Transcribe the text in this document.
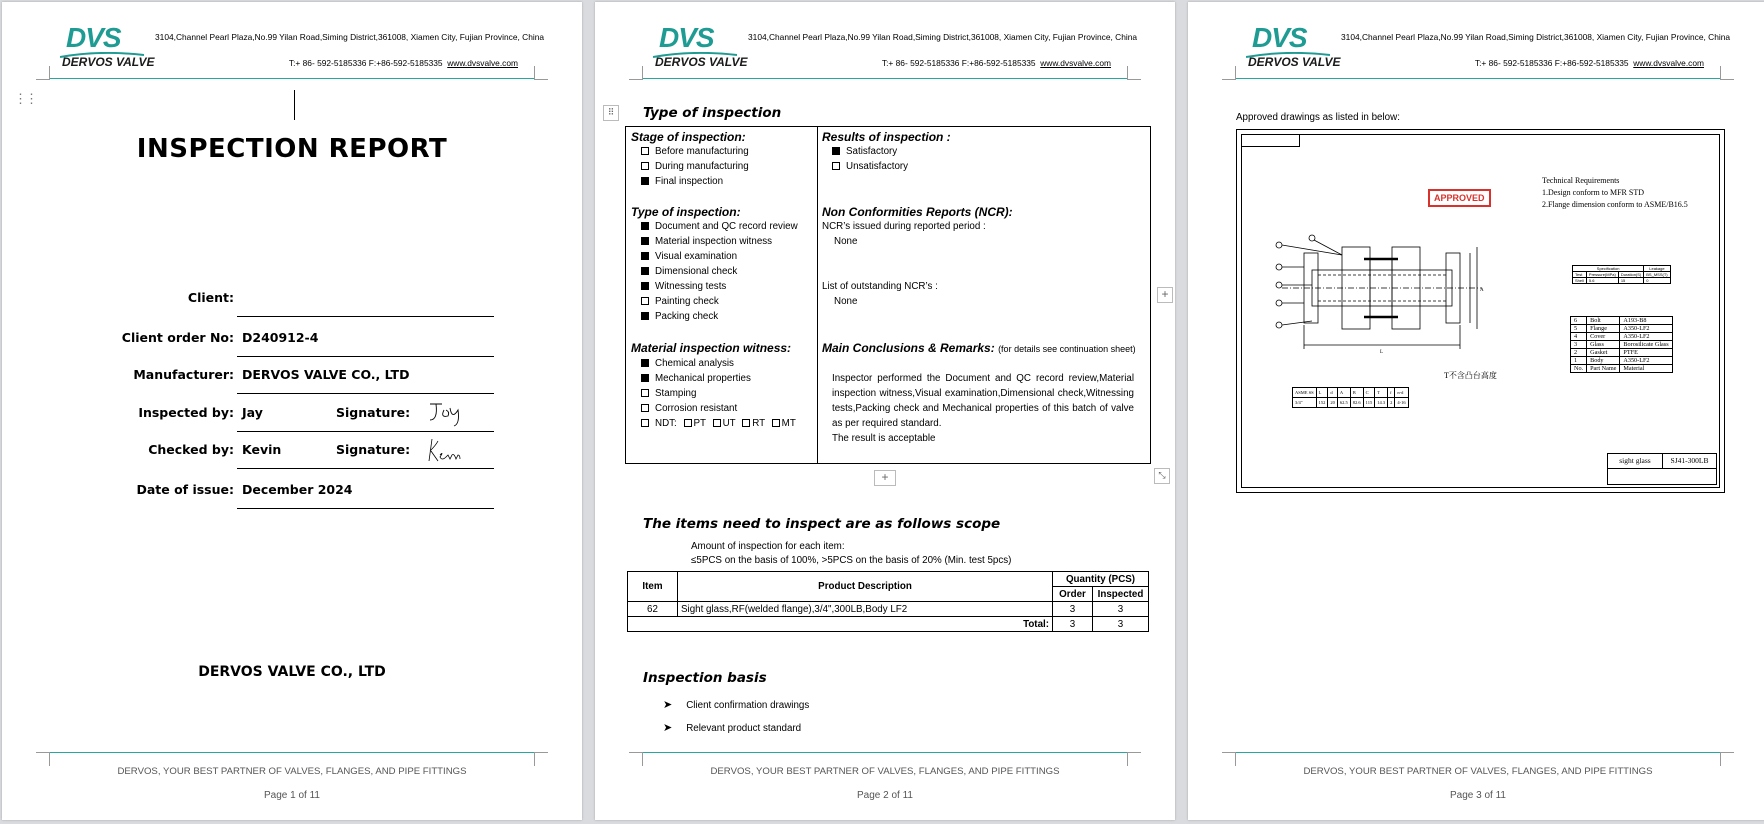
DVS
DERVOS VALVE
3104,Channel Pearl Plaza,No.99 Yilan Road,Siming District,361008, Xiamen City, Fujian Province, China
T:+ 86- 592-5185336 F:+86-592-5185335 www.dvsvalve.com
⋮⋮
INSPECTION REPORT
Client:
Client order No: D240912-4
Manufacturer: DERVOS VALVE CO., LTD
Inspected by: Jay	Signature:
Checked by: Kevin	Signature:
Date of issue: December 2024
DERVOS VALVE CO., LTD
DERVOS, YOUR BEST PARTNER OF VALVES, FLANGES, AND PIPE FITTINGS
Page 1 of 11
DVS
DERVOS VALVE
3104,Channel Pearl Plaza,No.99 Yilan Road,Siming District,361008, Xiamen City, Fujian Province, China
T:+ 86- 592-5185336 F:+86-592-5185335 www.dvsvalve.com
⠿	Type of inspection
Stage of inspection:
Before manufacturing
During manufacturing
Final inspection
Type of inspection:
Document and QC record review
Material inspection witness
Visual examination
Dimensional check
Witnessing tests
Painting check
Packing check
Material inspection witness:
Chemical analysis
Mechanical properties
Stamping
Corrosion resistant
NDT: PT UT RT MT
Results of inspection :
Satisfactory
Unsatisfactory
Non Conformities Reports (NCR):
NCR’s issued during reported period :
None
List of outstanding NCR’s :
None
Main Conclusions & Remarks: (for details see continuation sheet)
Inspector performed the Document and QC record review,Material inspection witness,Visual examination,Dimensional check,Witnessing tests,Packing check and Mechanical properties of this batch of valve as per required standard.
The result is acceptable
+
+	⤡
The items need to inspect are as follows scope
Amount of inspection for each item:
≤5PCS on the basis of 100%, >5PCS on the basis of 20% (Min. test 5pcs)
Item	Product Description	Quantity (PCS)	
		Order	Inspected
62	Sight glass,RF(welded flange),3/4",300LB,Body LF2	3	3
Total:		3	3
Inspection basis
➤ Client confirmation drawings
➤ Relevant product standard
DERVOS, YOUR BEST PARTNER OF VALVES, FLANGES, AND PIPE FITTINGS
Page 2 of 11
DVS
DERVOS VALVE
3104,Channel Pearl Plaza,No.99 Yilan Road,Siming District,361008, Xiamen City, Fujian Province, China
T:+ 86- 592-5185336 F:+86-592-5185335 www.dvsvalve.com
Approved drawings as listed in below:
L
A
APPROVED
Technical Requirements
1.Design conform to MFR STD
2.Flange dimension conform to ASME/B16.5
T不含凸台高度
Specification			Leakage
Test	Pressure(MPa)	Duration(S)	BS_MSS(T)
Shell	5.6	15	0
6	Bolt	A193-B8
5	Flange	A350-LF2
4	Cover	A350-LF2
3	Glass	Borosilicate Glass
2	Gasket	PTFE
1	Body	A350-LF2
No.	Part Name	Material
ASME SS	L	d	A	B	C	T	f	n-d
3/4"	152	20	62.5	82.6	115	14.3	2	4-16
sight glass	SJ41-300LB
DERVOS, YOUR BEST PARTNER OF VALVES, FLANGES, AND PIPE FITTINGS
Page 3 of 11
